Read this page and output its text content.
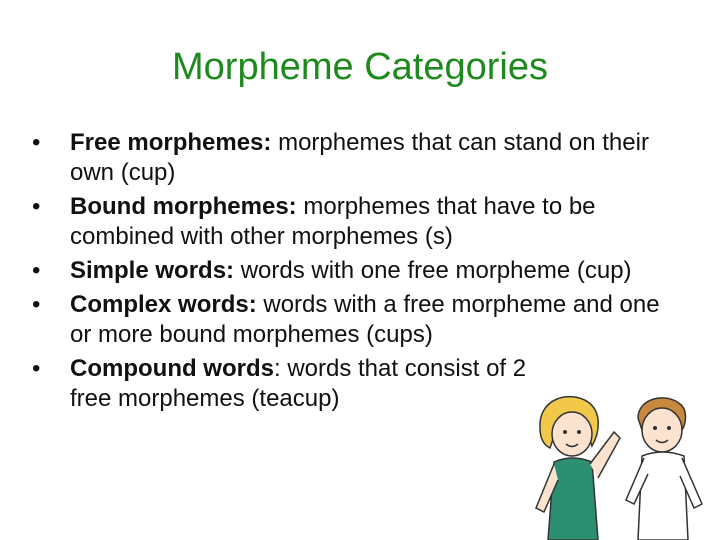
Morpheme Categories
• Free morphemes: morphemes that can stand on their own (cup)
• Bound morphemes: morphemes that have to be combined with other morphemes (s)
• Simple words: words with one free morpheme (cup)
• Complex words: words with a free morpheme and one or more bound morphemes (cups)
• Compound words: words that consist of 2 free morphemes (teacup)
